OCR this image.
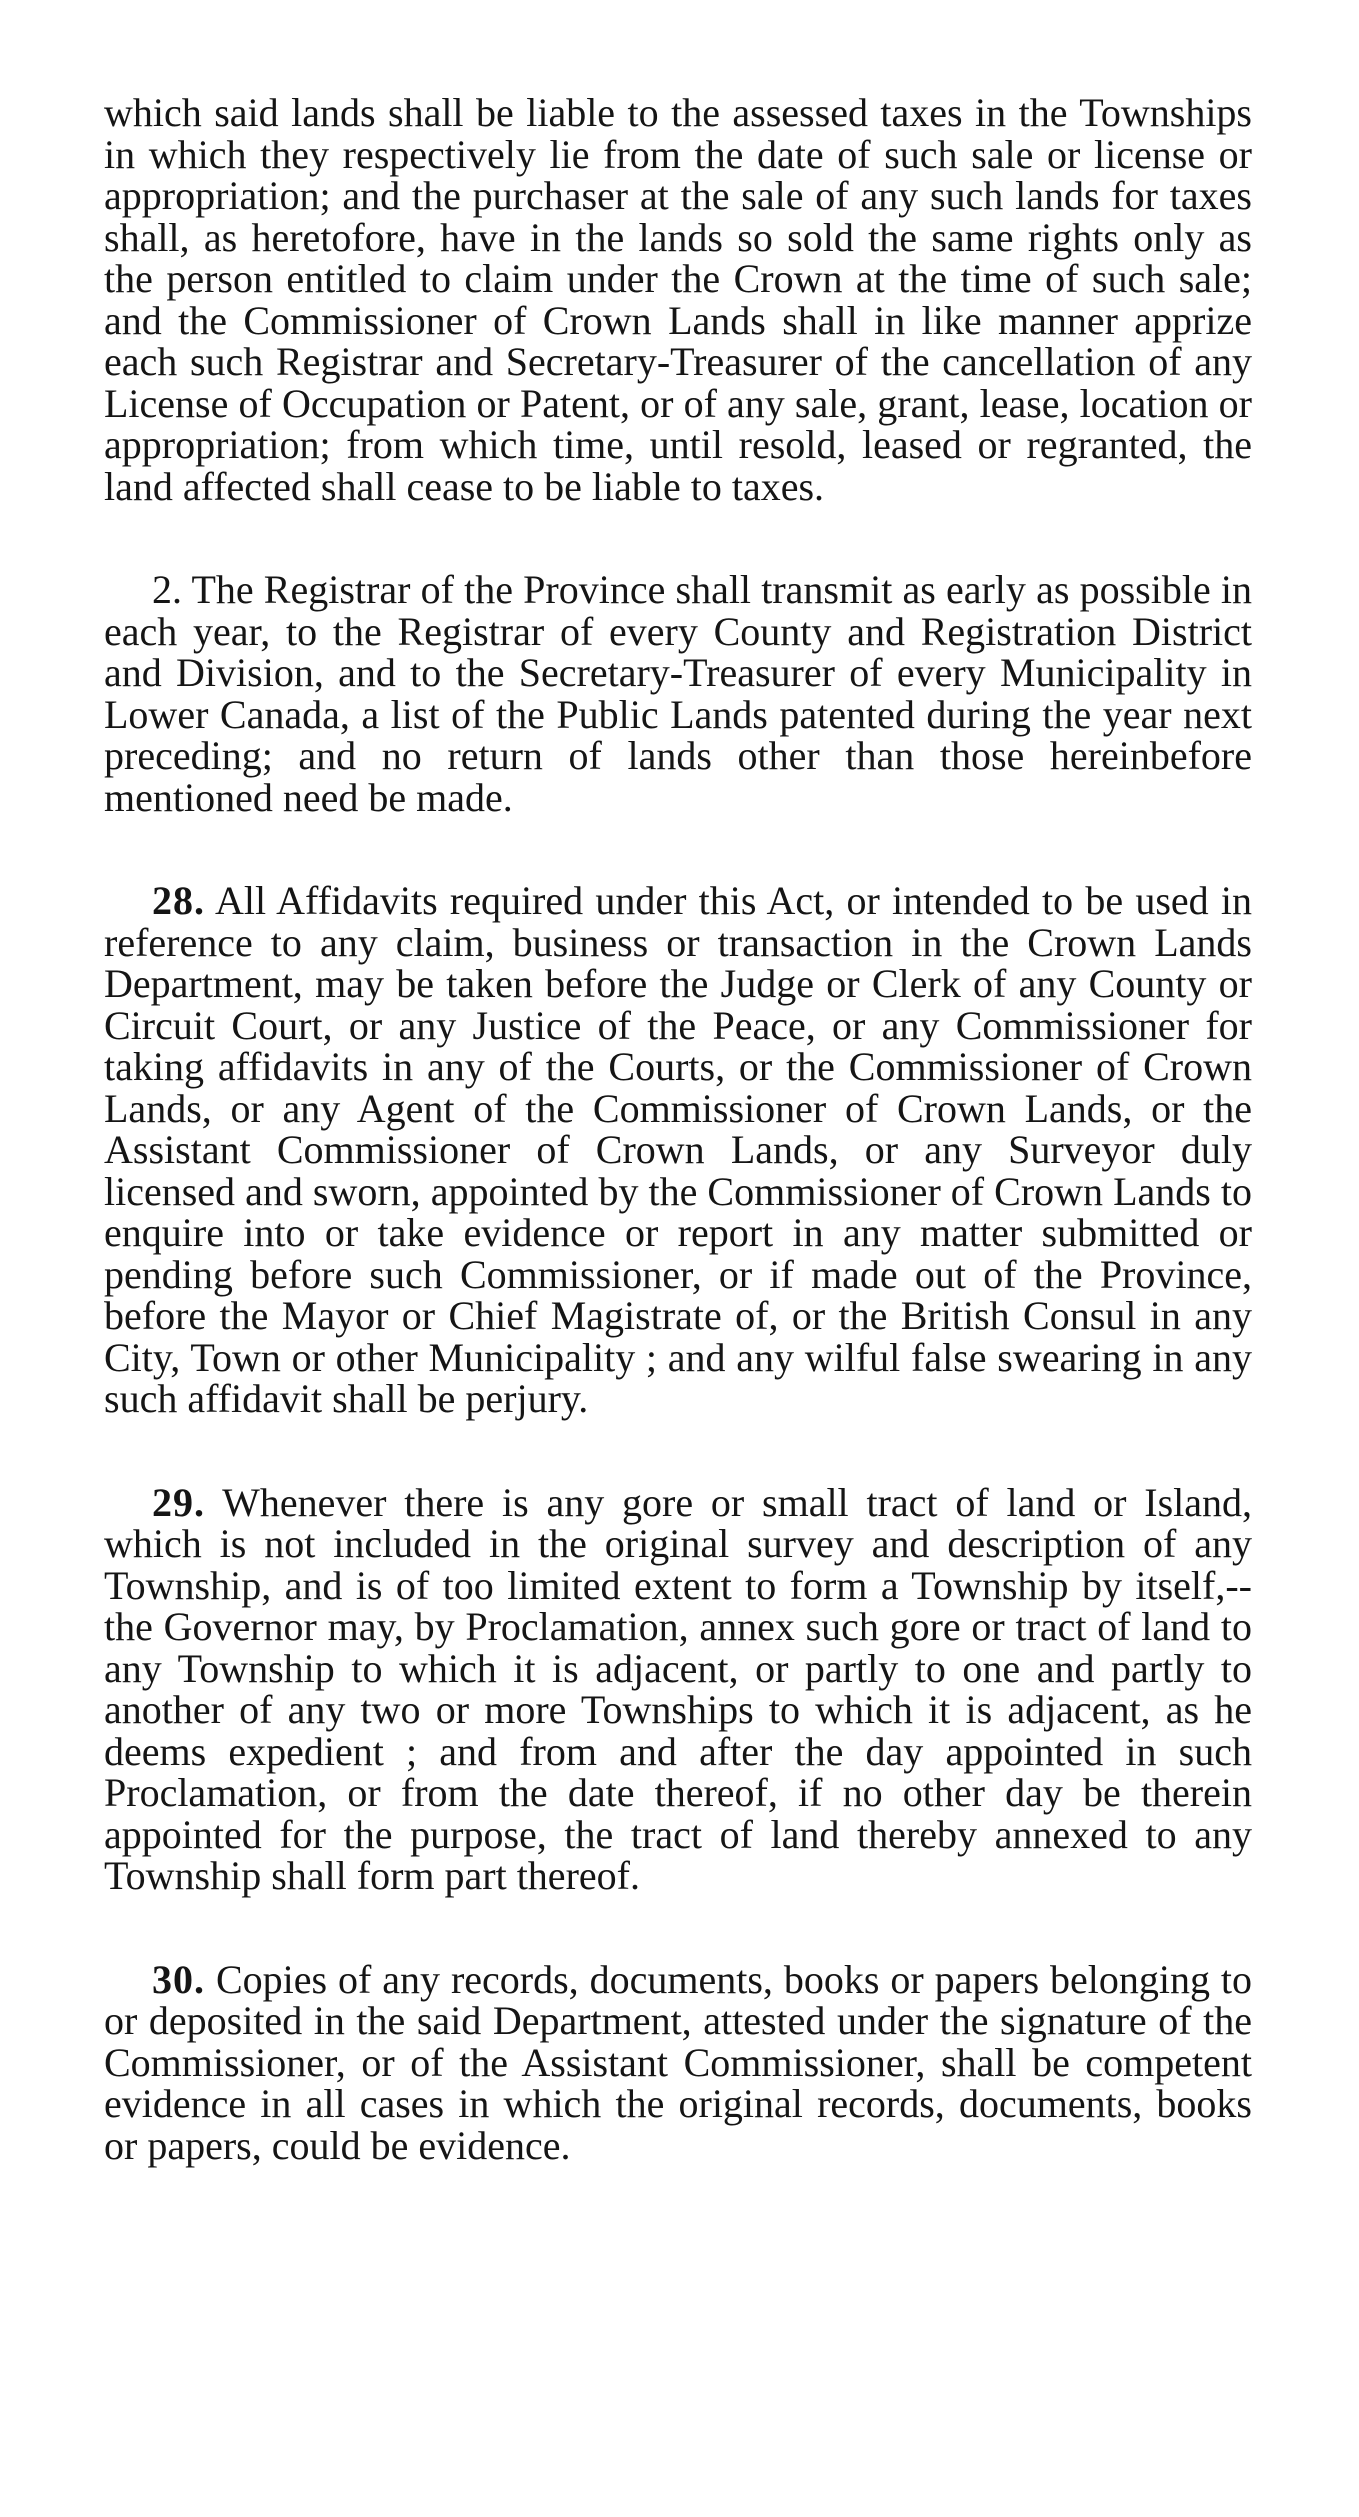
which said lands shall be liable to the assessed taxes in the Townships in which they respectively lie from the date of such sale or license or appropriation; and the purchaser at the sale of any such lands for taxes shall, as heretofore, have in the lands so sold the same rights only as the person entitled to claim under the Crown at the time of such sale; and the Commissioner of Crown Lands shall in like manner apprize each such Registrar and Secretary-Treasurer of the cancellation of any License of Occupation or Patent, or of any sale, grant, lease, location or appropriation; from which time, until resold, leased or regranted, the land affected shall cease to be liable to taxes.

2. The Registrar of the Province shall transmit as early as possible in each year, to the Registrar of every County and Registration District and Division, and to the Secretary-Treasurer of every Municipality in Lower Canada, a list of the Public Lands patented during the year next preceding; and no return of lands other than those hereinbefore mentioned need be made.

28. All Affidavits required under this Act, or intended to be used in reference to any claim, business or transaction in the Crown Lands Department, may be taken before the Judge or Clerk of any County or Circuit Court, or any Justice of the Peace, or any Commissioner for taking affidavits in any of the Courts, or the Commissioner of Crown Lands, or any Agent of the Commissioner of Crown Lands, or the Assistant Commissioner of Crown Lands, or any Surveyor duly licensed and sworn, appointed by the Commissioner of Crown Lands to enquire into or take evidence or report in any matter submitted or pending before such Commissioner, or if made out of the Province, before the Mayor or Chief Magistrate of, or the British Consul in any City, Town or other Municipality ; and any wilful false swearing in any such affidavit shall be perjury.

29. Whenever there is any gore or small tract of land or Island, which is not included in the original survey and description of any Township, and is of too limited extent to form a Township by itself,--the Governor may, by Proclamation, annex such gore or tract of land to any Township to which it is adjacent, or partly to one and partly to another of any two or more Townships to which it is adjacent, as he deems expedient ; and from and after the day appointed in such Proclamation, or from the date thereof, if no other day be therein appointed for the purpose, the tract of land thereby annexed to any Township shall form part thereof.

30. Copies of any records, documents, books or papers belonging to or deposited in the said Department, attested under the signature of the Commissioner, or of the Assistant Commissioner, shall be competent evidence in all cases in which the original records, documents, books or papers, could be evidence.
